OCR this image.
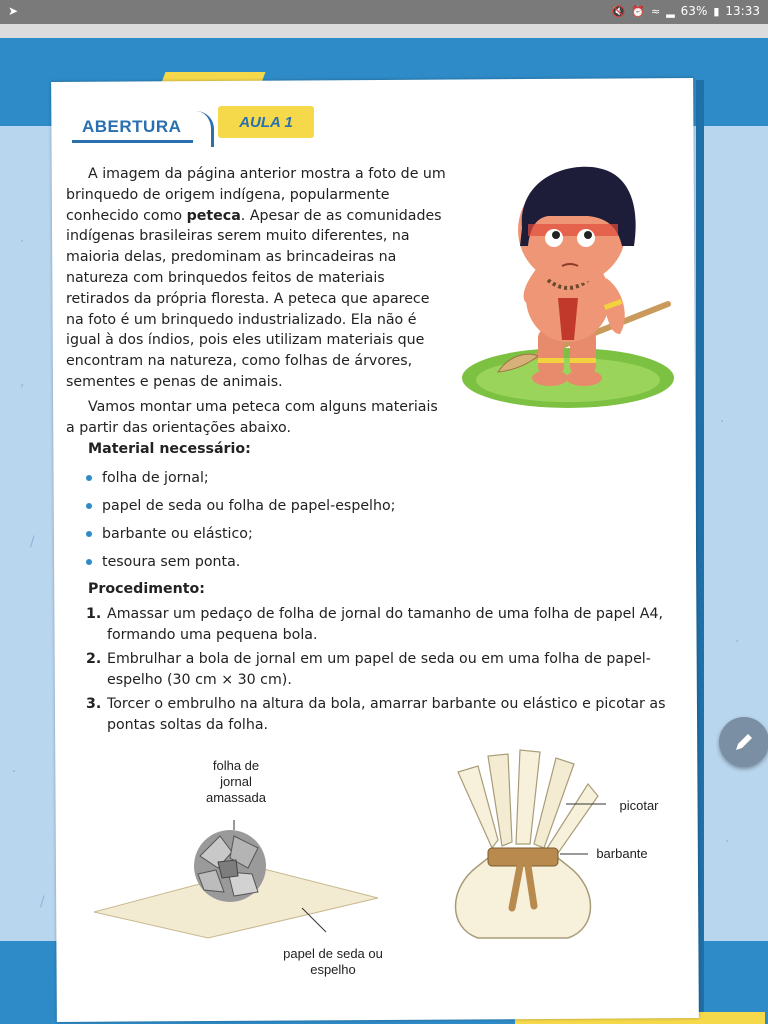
➤	🔇 ⏰ ≈ ▂ 63% ▮ 13:33
·
/
·
·
·
/
·
,
ABERTURA	AULA 1

A imagem da página anterior mostra a foto de um brinquedo de origem indígena, popularmente conhecido como peteca. Apesar de as comunidades indígenas brasileiras serem muito diferentes, na maioria delas, predominam as brincadeiras na natureza com brinquedos feitos de materiais retirados da própria floresta. A peteca que aparece na foto é um brinquedo industrializado. Ela não é igual à dos índios, pois eles utilizam materiais que encontram na natureza, como folhas de árvores, sementes e penas de animais.

Vamos montar uma peteca com alguns materiais a partir das orientações abaixo.

Material necessário:
folha de jornal;
papel de seda ou folha de papel-espelho;
barbante ou elástico;
tesoura sem ponta.
Procedimento:
1. Amassar um pedaço de folha de jornal do tamanho de uma folha de papel A4, formando uma pequena bola.
2. Embrulhar a bola de jornal em um papel de seda ou em uma folha de papel-espelho (30 cm × 30 cm).
3. Torcer o embrulho na altura da bola, amarrar barbante ou elástico e picotar as pontas soltas da folha.
folha de jornal amassada
papel de seda ou espelho
picotar
barbante
